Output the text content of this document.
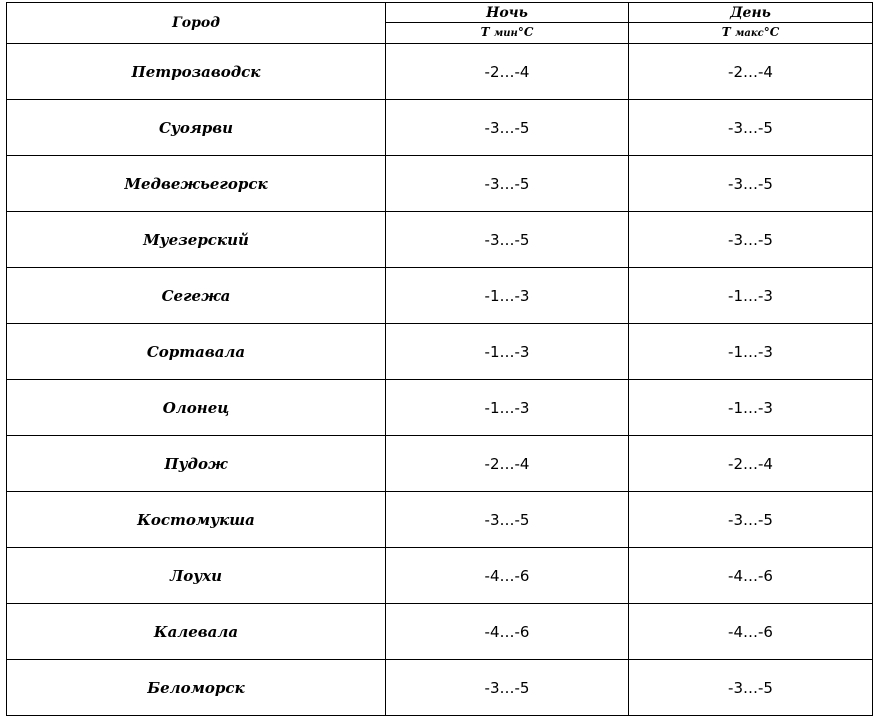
Город	Ночь	День
	Т мин°С	Т макс°С
Петрозаводск	-2…-4	-2…-4
Суоярви	-3…-5	-3…-5
Медвежьегорск	-3…-5	-3…-5
Муезерский	-3…-5	-3…-5
Сегежа	-1…-3	-1…-3
Сортавала	-1…-3	-1…-3
Олонец	-1…-3	-1…-3
Пудож	-2…-4	-2…-4
Костомукша	-3…-5	-3…-5
Лоухи	-4…-6	-4…-6
Калевала	-4…-6	-4…-6
Беломорск	-3…-5	-3…-5
